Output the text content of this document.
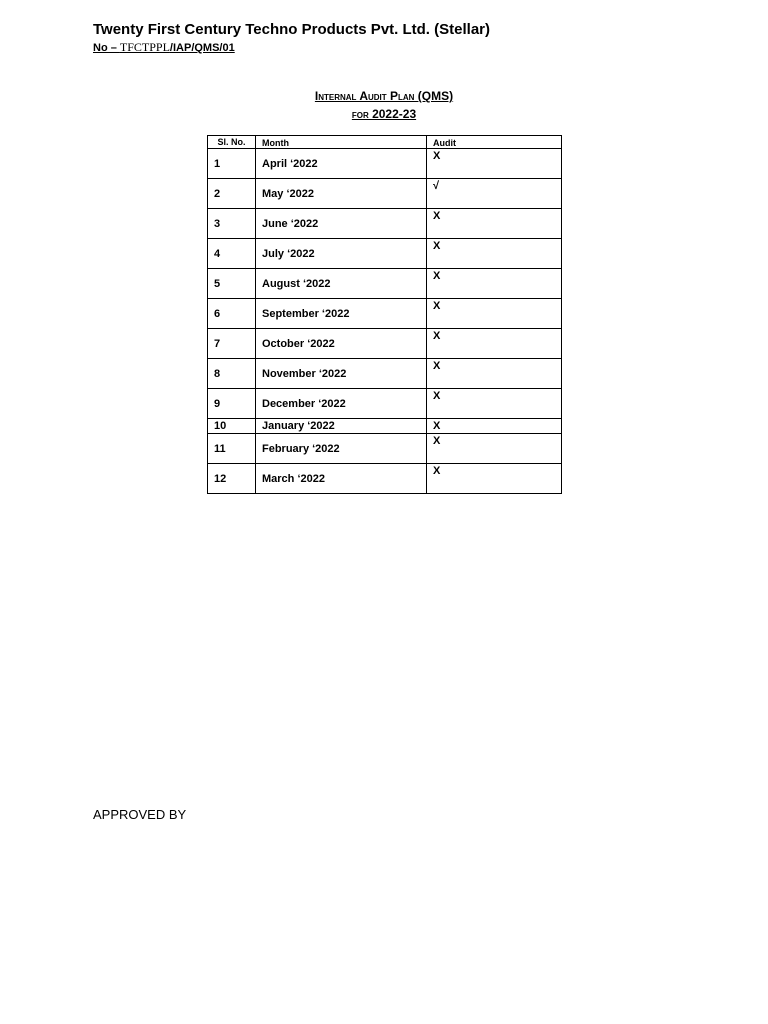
Twenty First Century Techno Products Pvt. Ltd. (Stellar)
No – TFCTPPL/IAP/QMS/01
Internal Audit Plan (QMS)
for 2022-23
Sl. No.	Month	Audit
1	April ‘2022	X
2	May ‘2022	√
3	June ‘2022	X
4	July ‘2022	X
5	August ‘2022	X
6	September ‘2022	X
7	October ‘2022	X
8	November ‘2022	X
9	December ‘2022	X
10	January ‘2022	X
11	February ‘2022	X
12	March ‘2022	X
APPROVED BY
